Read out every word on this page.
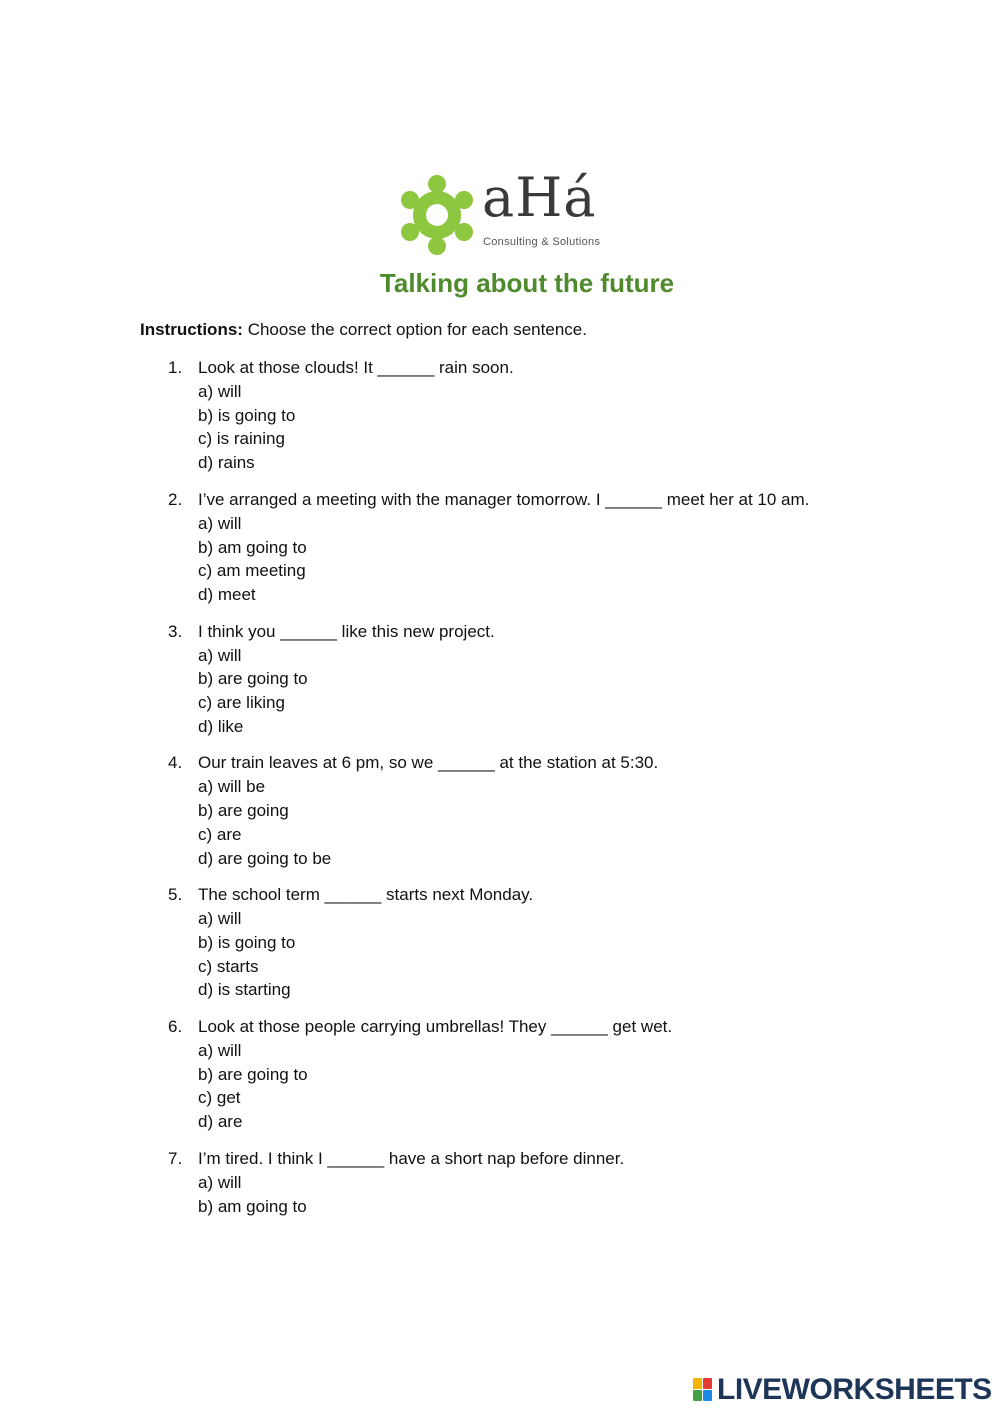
aHá
Consulting & Solutions
Talking about the future
Instructions: Choose the correct option for each sentence.
1. Look at those clouds! It ______ rain soon.
a) will
b) is going to
c) is raining
d) rains
2. I’ve arranged a meeting with the manager tomorrow. I ______ meet her at 10 am.
a) will
b) am going to
c) am meeting
d) meet
3. I think you ______ like this new project.
a) will
b) are going to
c) are liking
d) like
4. Our train leaves at 6 pm, so we ______ at the station at 5:30.
a) will be
b) are going
c) are
d) are going to be
5. The school term ______ starts next Monday.
a) will
b) is going to
c) starts
d) is starting
6. Look at those people carrying umbrellas! They ______ get wet.
a) will
b) are going to
c) get
d) are
7. I’m tired. I think I ______ have a short nap before dinner.
a) will
b) am going to
LIVEWORKSHEETS
